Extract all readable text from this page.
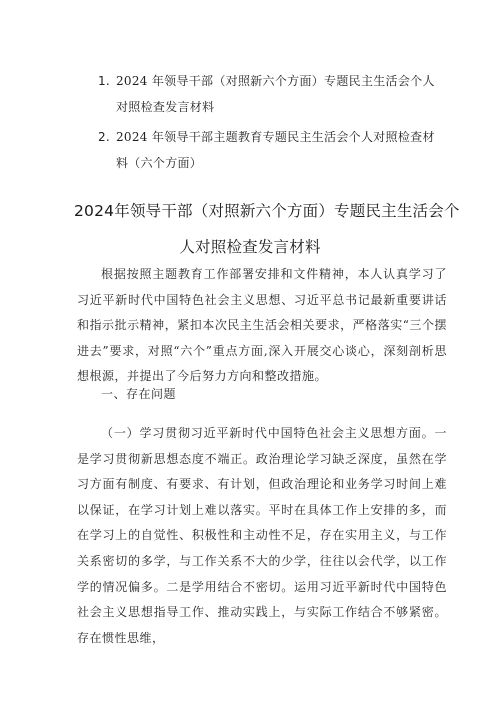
1. 2024 年领导干部（对照新六个方面）专题民主生活会个人对照检查发言材料
2. 2024 年领导干部主题教育专题民主生活会个人对照检查材料（六个方面）
2024年领导干部（对照新六个方面）专题民主生活会个
人对照检查发言材料
根据按照主题教育工作部署安排和文件精神，本人认真学习了习近平新时代中国特色社会主义思想、习近平总书记最新重要讲话和指示批示精神，紧扣本次民主生活会相关要求，严格落实“三个摆进去”要求，对照“六个”重点方面,深入开展交心谈心，深刻剖析思想根源，并提出了今后努力方向和整改措施。
一、存在问题
（一）学习贯彻习近平新时代中国特色社会主义思想方面。一是学习贯彻新思想态度不端正。政治理论学习缺乏深度，虽然在学习方面有制度、有要求、有计划，但政治理论和业务学习时间上难以保证，在学习计划上难以落实。平时在具体工作上安排的多，而在学习上的自觉性、积极性和主动性不足，存在实用主义，与工作关系密切的多学，与工作关系不大的少学，往往以会代学，以工作学的情况偏多。二是学用结合不密切。运用习近平新时代中国特色社会主义思想指导工作、推动实践上，与实际工作结合不够紧密。存在惯性思维，
